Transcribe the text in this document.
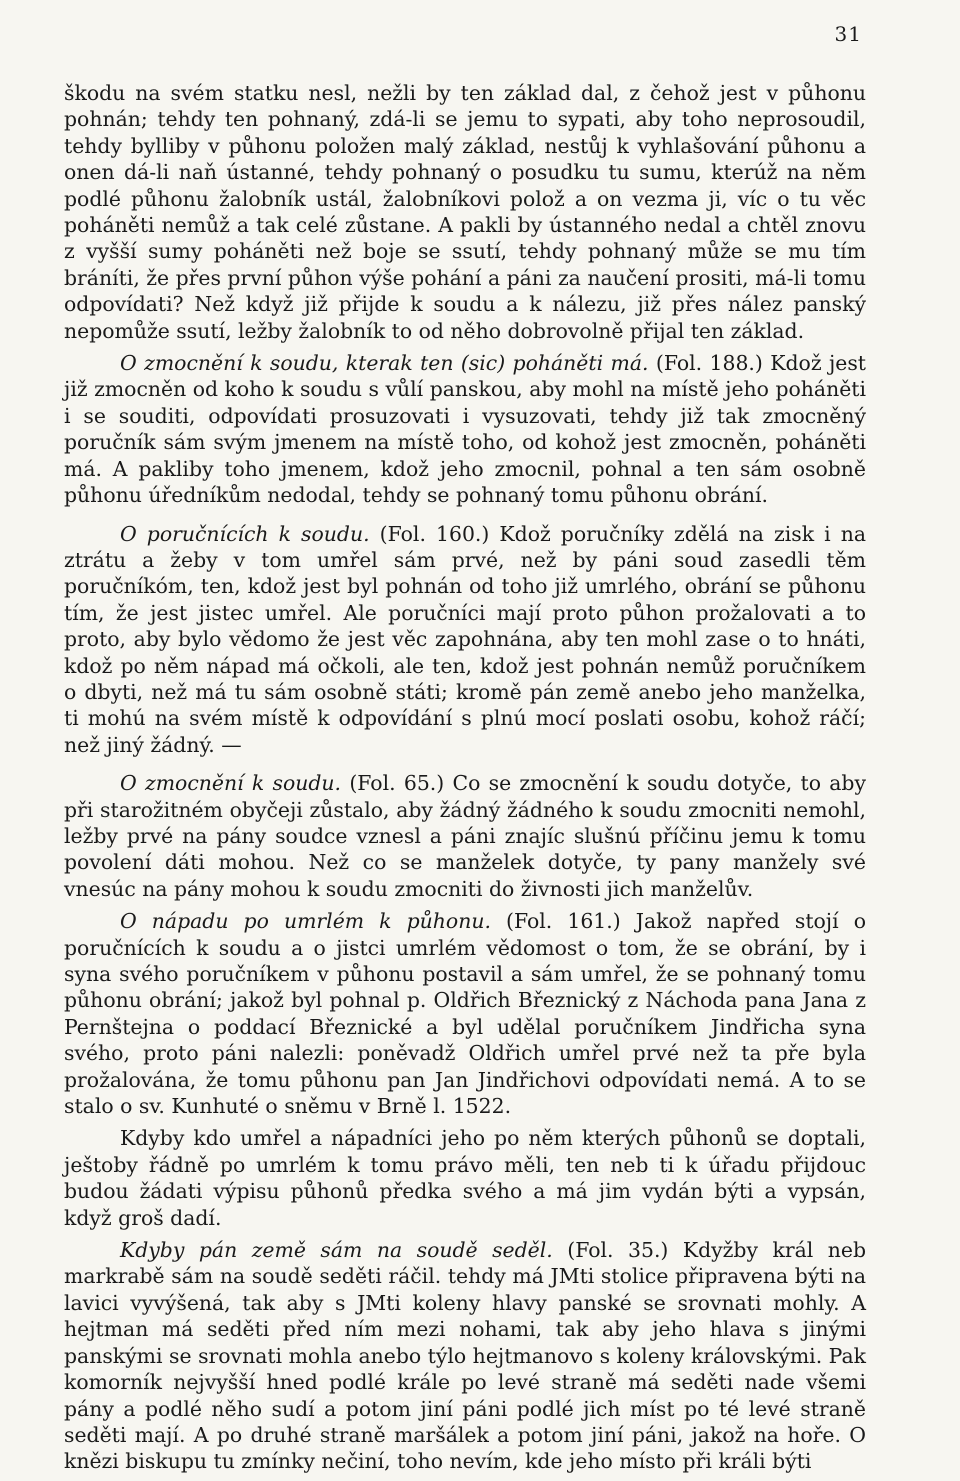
31

škodu na svém statku nesl, nežli by ten základ dal, z čehož jest v půhonu pohnán; tehdy ten pohnaný, zdá-li se jemu to sypati, aby toho neprosoudil, tehdy bylliby v půhonu položen malý základ, nestůj k vyhlašování půhonu a onen dá-li naň ústanné, tehdy pohnaný o posudku tu sumu, kterúž na něm podlé půhonu žalobník ustál, žalobníkovi polož a on vezma ji, víc o tu věc poháněti nemůž a tak celé zůstane. A pakli by ústanného nedal a chtěl znovu z vyšší sumy poháněti než boje se ssutí, tehdy pohnaný může se mu tím bráníti, že přes první půhon výše pohání a páni za naučení prositi, má-li tomu odpovídati? Než když již přijde k soudu a k nálezu, již přes nález panský nepomůže ssutí, ležby žalobník to od něho dobrovolně přijal ten základ.

O zmocnění k soudu, kterak ten (sic) poháněti má. (Fol. 188.) Kdož jest již zmocněn od koho k soudu s vůlí panskou, aby mohl na místě jeho poháněti i se souditi, odpovídati prosuzovati i vysuzovati, tehdy již tak zmocněný poručník sám svým jmenem na místě toho, od kohož jest zmocněn, poháněti má. A pakliby toho jmenem, kdož jeho zmocnil, pohnal a ten sám osobně půhonu úředníkům nedodal, tehdy se pohnaný tomu půhonu obrání.

O poručnících k soudu. (Fol. 160.) Kdož poručníky zdělá na zisk i na ztrátu a žeby v tom umřel sám prvé, než by páni soud zasedli těm poručníkóm, ten, kdož jest byl pohnán od toho již umrlého, obrání se půhonu tím, že jest jistec umřel. Ale poručníci mají proto půhon prožalovati a to proto, aby bylo vědomo že jest věc zapohnána, aby ten mohl zase o to hnáti, kdož po něm nápad má očkoli, ale ten, kdož jest pohnán nemůž poručníkem o dbyti, než má tu sám osobně státi; kromě pán země anebo jeho manželka, ti mohú na svém místě k odpovídání s plnú mocí poslati osobu, kohož ráčí; než jiný žádný. —

O zmocnění k soudu. (Fol. 65.) Co se zmocnění k soudu dotyče, to aby při starožitném obyčeji zůstalo, aby žádný žádného k soudu zmocniti nemohl, ležby prvé na pány soudce vznesl a páni znajíc slušnú příčinu jemu k tomu povolení dáti mohou. Než co se manželek dotyče, ty pany manžely své vnesúc na pány mohou k soudu zmocniti do živnosti jich manželův.

O nápadu po umrlém k půhonu. (Fol. 161.) Jakož napřed stojí o poručnících k soudu a o jistci umrlém vědomost o tom, že se obrání, by i syna svého poručníkem v půhonu postavil a sám umřel, že se pohnaný tomu půhonu obrání; jakož byl pohnal p. Oldřich Březnický z Náchoda pana Jana z Pernštejna o poddací Březnické a byl udělal poručníkem Jindřicha syna svého, proto páni nalezli: poněvadž Oldřich umřel prvé než ta pře byla prožalována, že tomu půhonu pan Jan Jindřichovi odpovídati nemá. A to se stalo o sv. Kunhuté o sněmu v Brně l. 1522.

Kdyby kdo umřel a nápadníci jeho po něm kterých půhonů se doptali, ještoby řádně po umrlém k tomu právo měli, ten neb ti k úřadu přijdouc budou žádati výpisu půhonů předka svého a má jim vydán býti a vypsán, když groš dadí.

Kdyby pán země sám na soudě seděl. (Fol. 35.) Kdyžby král neb markrabě sám na soudě seděti ráčil. tehdy má JMti stolice připravena býti na lavici vyvýšená, tak aby s JMti koleny hlavy panské se srovnati mohly. A hejtman má seděti před ním mezi nohami, tak aby jeho hlava s jinými panskými se srovnati mohla anebo týlo hejtmanovo s koleny královskými. Pak komorník nejvyšší hned podlé krále po levé straně má seděti nade všemi pány a podlé něho sudí a potom jiní páni podlé jich míst po té levé straně seděti mají. A po druhé straně maršálek a potom jiní páni, jakož na hoře. O knězi biskupu tu zmínky nečiní, toho nevím, kde jeho místo při králi býti
